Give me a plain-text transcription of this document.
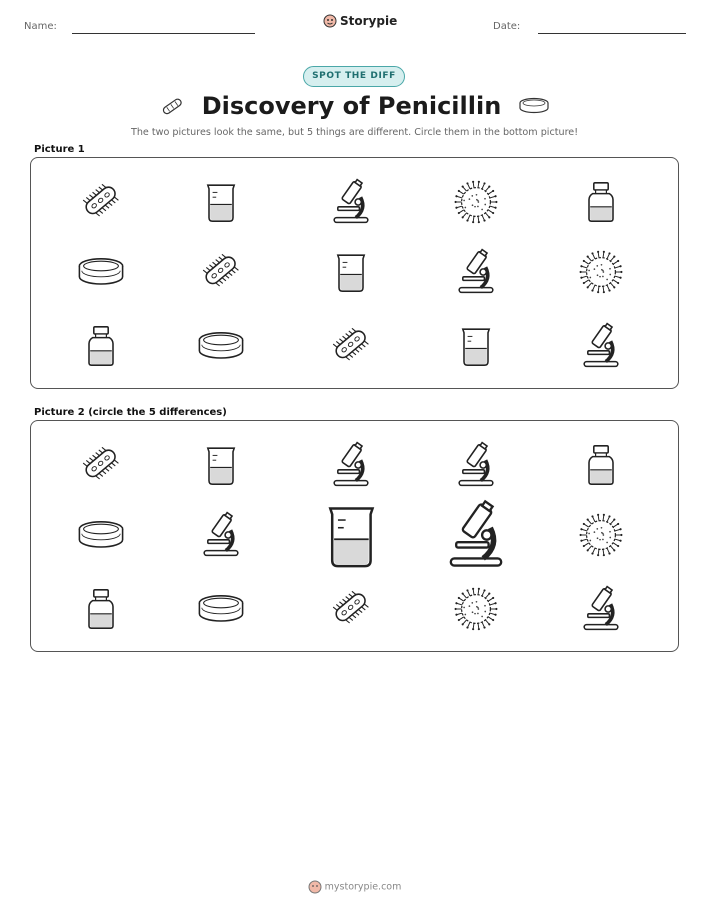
Name:	Storypie	Date:
SPOT THE DIFF
Discovery of Penicillin
The two pictures look the same, but 5 things are different. Circle them in the bottom picture!
Picture 1
Picture 2 (circle the 5 differences)
mystorypie.com
